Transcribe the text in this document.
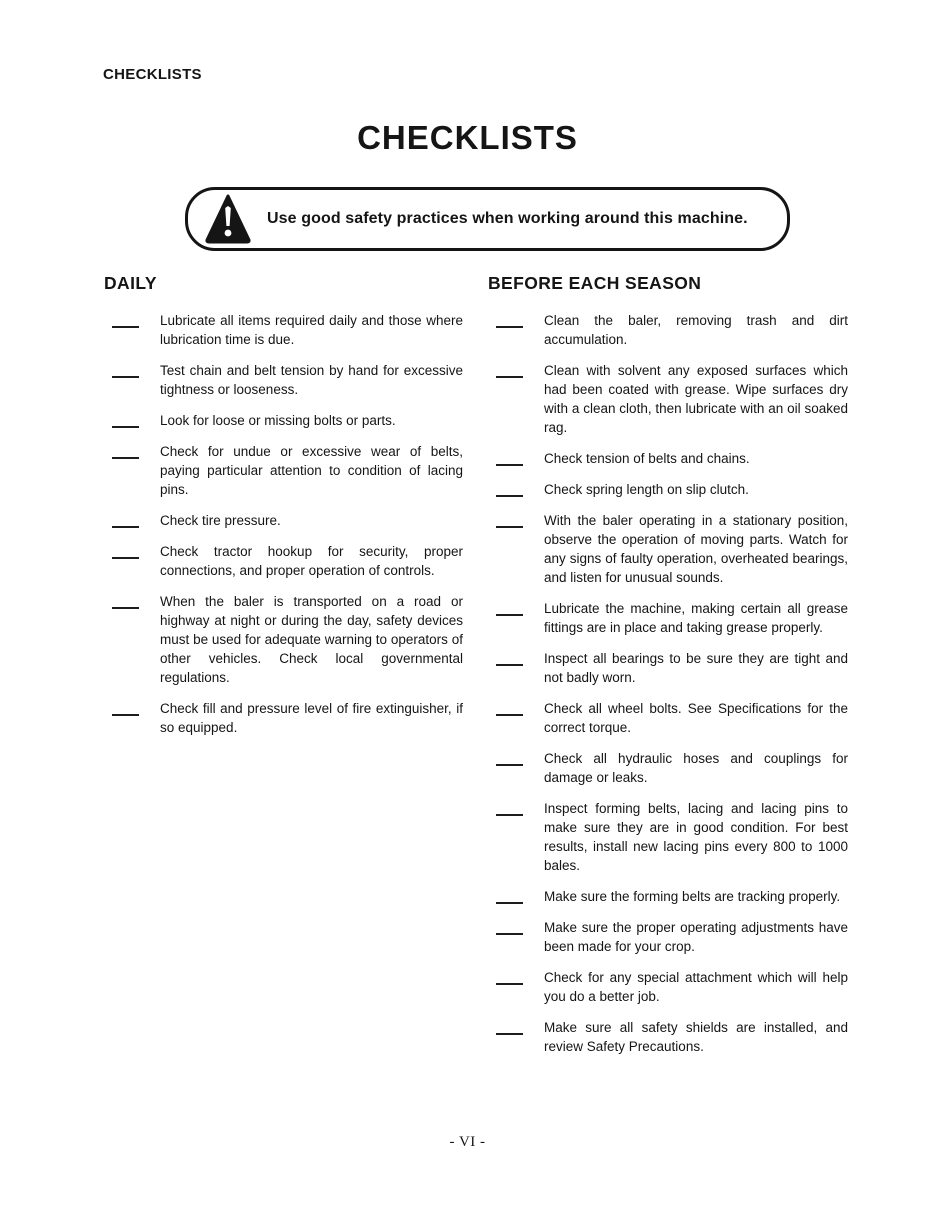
CHECKLISTS
CHECKLISTS
Use good safety practices when working around this machine.
DAILY
Lubricate all items required daily and those where lubrication time is due.
Test chain and belt tension by hand for excessive tightness or looseness.
Look for loose or missing bolts or parts.
Check for undue or excessive wear of belts, paying particular attention to condition of lacing pins.
Check tire pressure.
Check tractor hookup for security, proper connections, and proper operation of controls.
When the baler is transported on a road or highway at night or during the day, safety devices must be used for adequate warning to operators of other vehicles. Check local governmental regulations.
Check fill and pressure level of fire extinguisher, if so equipped.
BEFORE EACH SEASON
Clean the baler, removing trash and dirt accumulation.
Clean with solvent any exposed surfaces which had been coated with grease. Wipe surfaces dry with a clean cloth, then lubricate with an oil soaked rag.
Check tension of belts and chains.
Check spring length on slip clutch.
With the baler operating in a stationary position, observe the operation of moving parts. Watch for any signs of faulty operation, overheated bearings, and listen for unusual sounds.
Lubricate the machine, making certain all grease fittings are in place and taking grease properly.
Inspect all bearings to be sure they are tight and not badly worn.
Check all wheel bolts. See Specifications for the correct torque.
Check all hydraulic hoses and couplings for damage or leaks.
Inspect forming belts, lacing and lacing pins to make sure they are in good condition. For best results, install new lacing pins every 800 to 1000 bales.
Make sure the forming belts are tracking properly.
Make sure the proper operating adjustments have been made for your crop.
Check for any special attachment which will help you do a better job.
Make sure all safety shields are installed, and review Safety Precautions.
- VI -
